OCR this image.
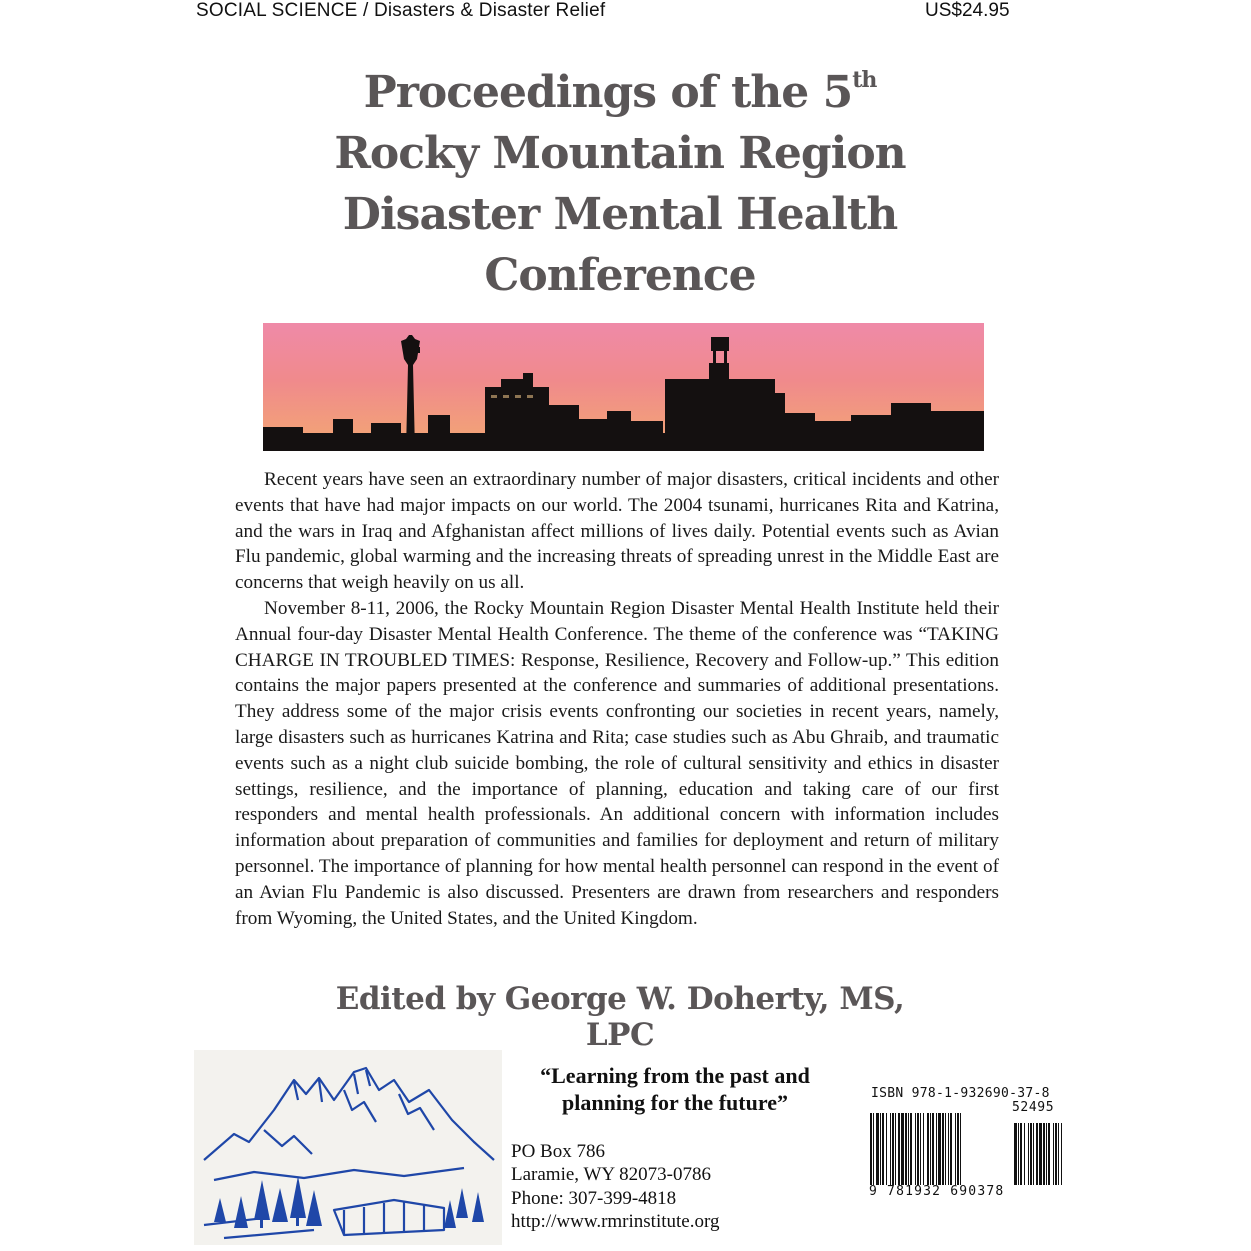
SOCIAL SCIENCE / Disasters & Disaster Relief	US$24.95
Proceedings of the 5th
Rocky Mountain Region
Disaster Mental Health
Conference

Recent years have seen an extraordinary number of major disasters, critical incidents and other events that have had major impacts on our world. The 2004 tsunami, hurricanes Rita and Katrina, and the wars in Iraq and Afghanistan affect millions of lives daily. Potential events such as Avian Flu pandemic, global warming and the increasing threats of spreading unrest in the Middle East are concerns that weigh heavily on us all.

November 8-11, 2006, the Rocky Mountain Region Disaster Mental Health Institute held their Annual four-day Disaster Mental Health Conference. The theme of the conference was “TAKING CHARGE IN TROUBLED TIMES: Response, Resilience, Recovery and Follow-up.” This edition contains the major papers presented at the conference and summaries of additional presentations. They address some of the major crisis events confronting our societies in recent years, namely, large disasters such as hurricanes Katrina and Rita; case studies such as Abu Ghraib, and traumatic events such as a night club suicide bombing, the role of cultural sensitivity and ethics in disaster settings, resilience, and the importance of planning, education and taking care of our first responders and mental health professionals. An additional concern with information includes information about preparation of communities and families for deployment and return of military personnel. The importance of planning for how mental health personnel can respond in the event of an Avian Flu Pandemic is also discussed. Presenters are drawn from researchers and responders from Wyoming, the United States, and the United Kingdom.

Edited by George W. Doherty, MS, LPC
“Learning from the past and
planning for the future”
PO Box 786
Laramie, WY 82073-0786
Phone: 307-399-4818
http://www.rmrinstitute.org
ISBN 978-1-932690-37-8
52495
9 781932 690378
